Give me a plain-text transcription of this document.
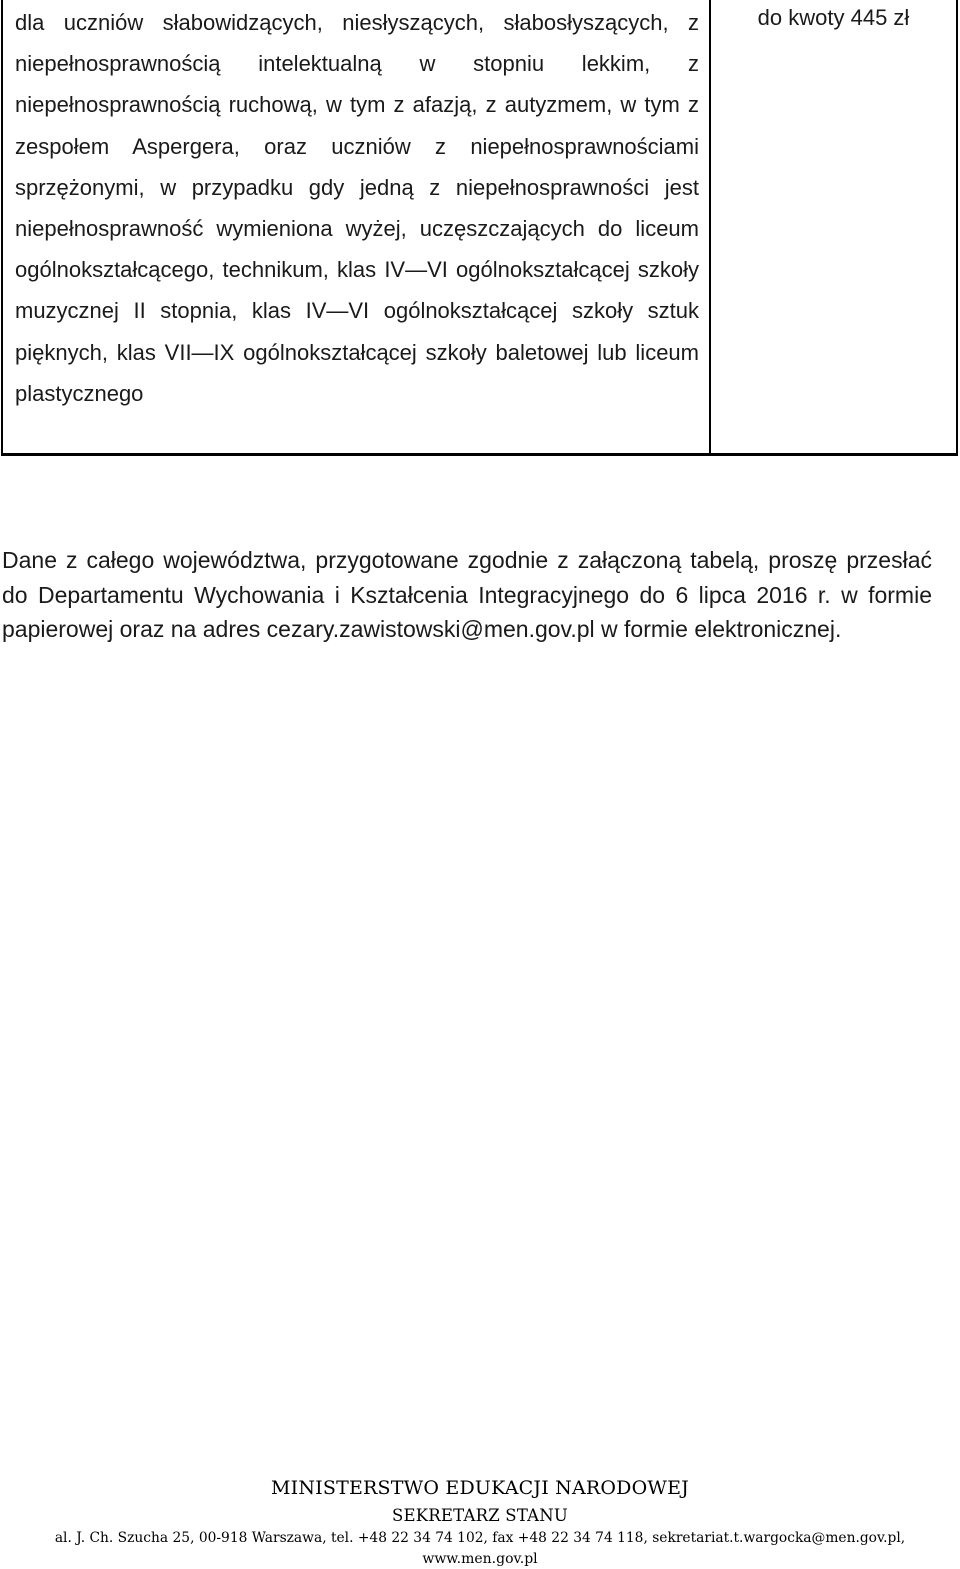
dla uczniów słabowidzących, niesłyszących, słabosłyszących, z niepełnosprawnością intelektualną w stopniu lekkim, z niepełnosprawnością ruchową, w tym z afazją, z autyzmem, w tym z zespołem Aspergera, oraz uczniów z niepełnosprawnościami sprzężonymi, w przypadku gdy jedną z niepełnosprawności jest niepełnosprawność wymieniona wyżej, uczęszczających do liceum ogólnokształcącego, technikum, klas IV—VI ogólnokształcącej szkoły muzycznej II stopnia, klas IV—VI ogólnokształcącej szkoły sztuk pięknych, klas VII—IX ogólnokształcącej szkoły baletowej lub liceum plastycznego

do kwoty 445 zł

Dane z całego województwa, przygotowane zgodnie z załączoną tabelą, proszę przesłać do Departamentu Wychowania i Kształcenia Integracyjnego do 6 lipca 2016 r. w formie papierowej oraz na adres cezary.zawistowski@men.gov.pl w formie elektronicznej.

MINISTERSTWO EDUKACJI NARODOWEJ
SEKRETARZ STANU
al. J. Ch. Szucha 25, 00-918 Warszawa, tel. +48 22 34 74 102, fax +48 22 34 74 118, sekretariat.t.wargocka@men.gov.pl,
www.men.gov.pl
